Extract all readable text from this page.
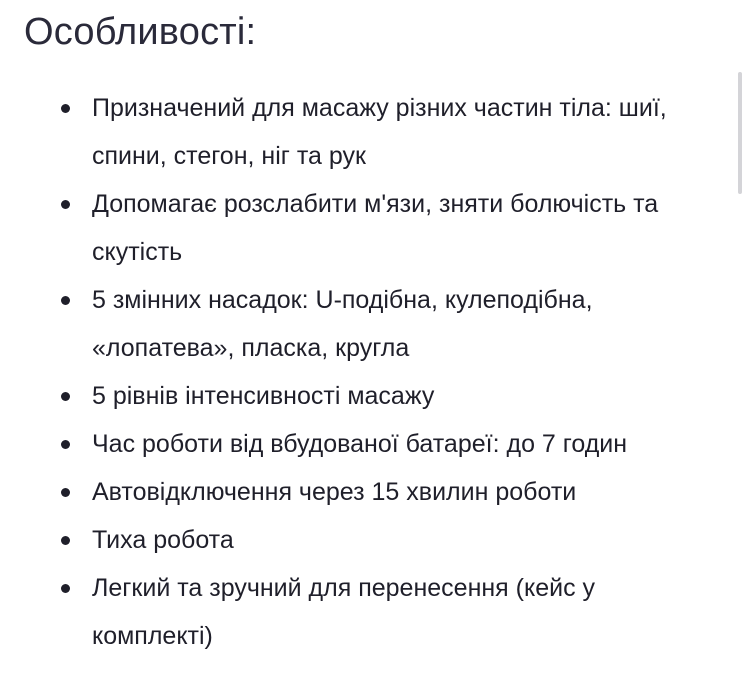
Особливості:
Призначений для масажу різних частин тіла: шиї, спини, стегон, ніг та рук
Допомагає розслабити м'язи, зняти болючість та скутість
5 змінних насадок: U-подібна, кулеподібна, «лопатева», пласка, кругла
5 рівнів інтенсивності масажу
Час роботи від вбудованої батареї: до 7 годин
Автовідключення через 15 хвилин роботи
Тиха робота
Легкий та зручний для перенесення (кейс у комплекті)
